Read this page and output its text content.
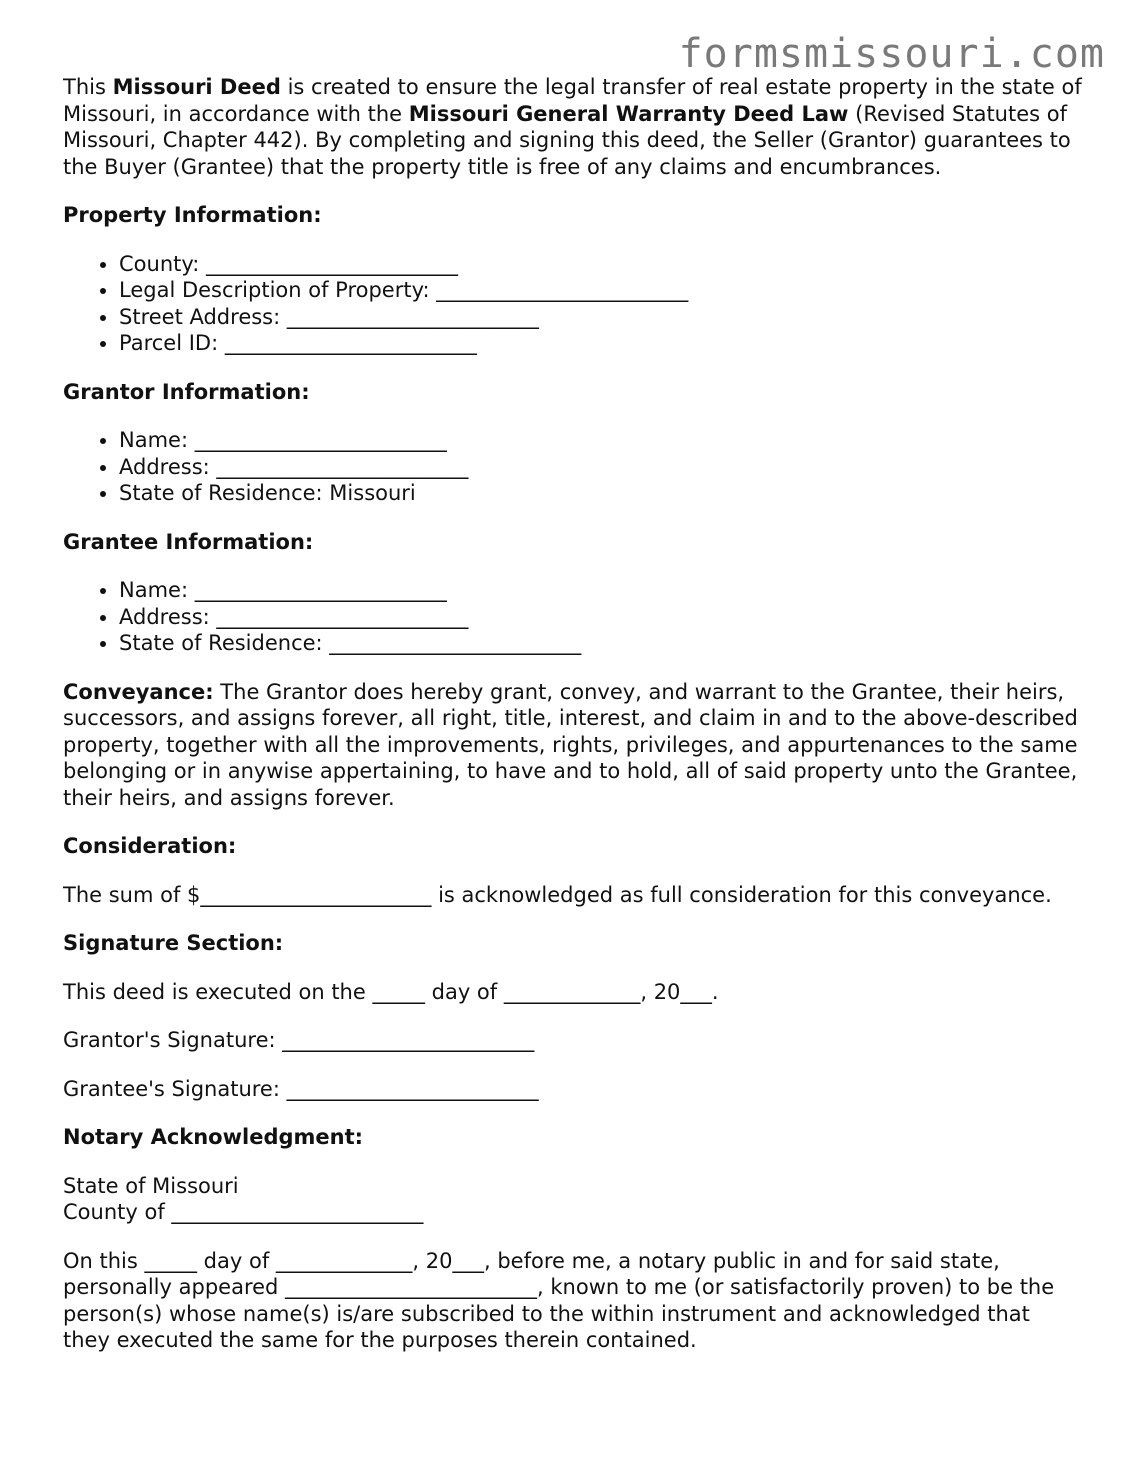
formsmissouri.com

This Missouri Deed is created to ensure the legal transfer of real estate property in the state of Missouri, in accordance with the Missouri General Warranty Deed Law (Revised Statutes of Missouri, Chapter 442). By completing and signing this deed, the Seller (Grantor) guarantees to the Buyer (Grantee) that the property title is free of any claims and encumbrances.

Property Information:
• County: ________________________
• Legal Description of Property: ________________________
• Street Address: ________________________
• Parcel ID: ________________________
Grantor Information:
• Name: ________________________
• Address: ________________________
• State of Residence: Missouri
Grantee Information:
• Name: ________________________
• Address: ________________________
• State of Residence: ________________________

Conveyance: The Grantor does hereby grant, convey, and warrant to the Grantee, their heirs, successors, and assigns forever, all right, title, interest, and claim in and to the above-described property, together with all the improvements, rights, privileges, and appurtenances to the same belonging or in anywise appertaining, to have and to hold, all of said property unto the Grantee, their heirs, and assigns forever.

Consideration:

The sum of $______________________ is acknowledged as full consideration for this conveyance.

Signature Section:

This deed is executed on the _____ day of _____________, 20___.

Grantor's Signature: ________________________

Grantee's Signature: ________________________

Notary Acknowledgment:

State of Missouri
County of ________________________

On this _____ day of _____________, 20___, before me, a notary public in and for said state, personally appeared ________________________, known to me (or satisfactorily proven) to be the person(s) whose name(s) is/are subscribed to the within instrument and acknowledged that they executed the same for the purposes therein contained.
